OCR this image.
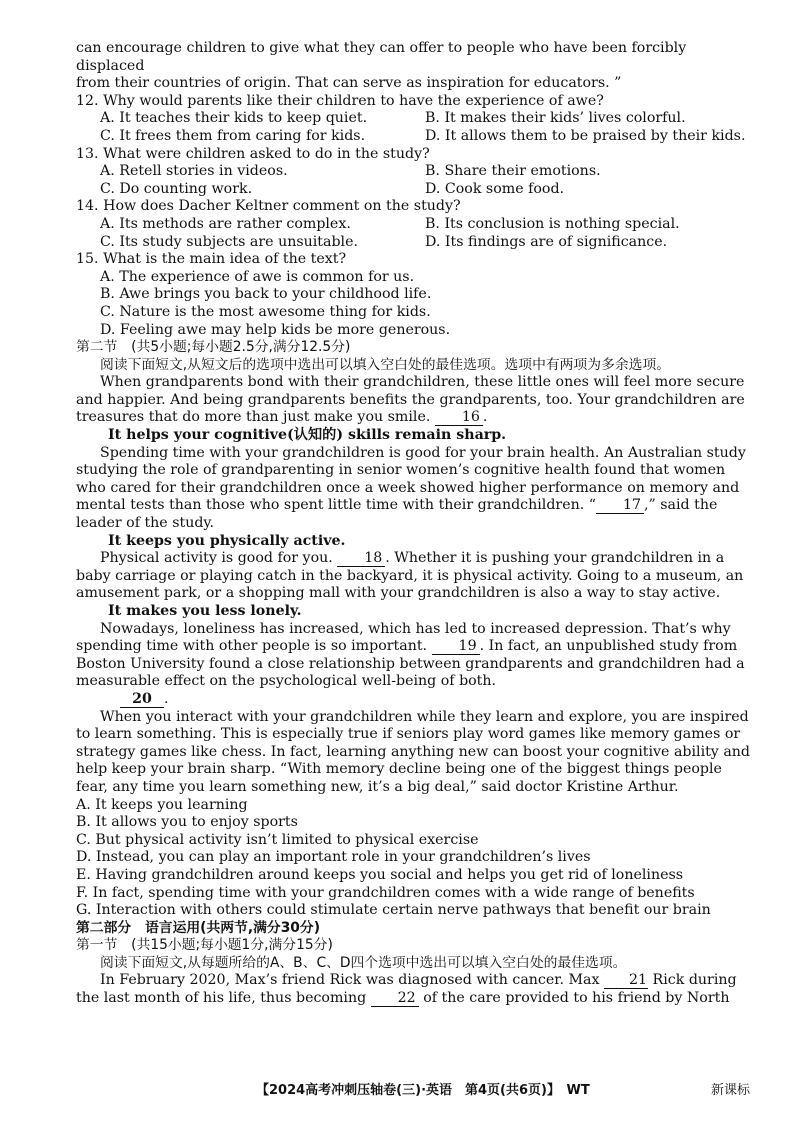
can encourage children to give what they can offer to people who have been forcibly displaced

from their countries of origin. That can serve as inspiration for educators. ”

12. Why would parents like their children to have the experience of awe?

A. It teaches their kids to keep quiet.	B. It makes their kids’ lives colorful.
C. It frees them from caring for kids.	D. It allows them to be praised by their kids.

13. What were children asked to do in the study?

A. Retell stories in videos.	B. Share their emotions.
C. Do counting work.	D. Cook some food.

14. How does Dacher Keltner comment on the study?

A. Its methods are rather complex.	B. Its conclusion is nothing special.
C. Its study subjects are unsuitable.	D. Its findings are of significance.

15. What is the main idea of the text?

A. The experience of awe is common for us.

B. Awe brings you back to your childhood life.

C. Nature is the most awesome thing for kids.

D. Feeling awe may help kids be more generous.

第二节　(共5小题;每小题2.5分,满分12.5分)

阅读下面短文,从短文后的选项中选出可以填入空白处的最佳选项。选项中有两项为多余选项。

When grandparents bond with their grandchildren, these little ones will feel more secure and happier. And being grandparents benefits the grandparents, too. Your grandchildren are treasures that do more than just make you smile. 16 .

It helps your cognitive(认知的) skills remain sharp.

Spending time with your grandchildren is good for your brain health. An Australian study studying the role of grandparenting in senior women’s cognitive health found that women who cared for their grandchildren once a week showed higher performance on memory and mental tests than those who spent little time with their grandchildren. “ 17 ,” said the leader of the study.

It keeps you physically active.

Physical activity is good for you. 18 . Whether it is pushing your grandchildren in a baby carriage or playing catch in the backyard, it is physical activity. Going to a museum, an amusement park, or a shopping mall with your grandchildren is also a way to stay active.

It makes you less lonely.

Nowadays, loneliness has increased, which has led to increased depression. That’s why spending time with other people is so important. 19 . In fact, an unpublished study from Boston University found a close relationship between grandparents and grandchildren had a measurable effect on the psychological well-being of both.

20 .

When you interact with your grandchildren while they learn and explore, you are inspired to learn something. This is especially true if seniors play word games like memory games or strategy games like chess. In fact, learning anything new can boost your cognitive ability and help keep your brain sharp. “With memory decline being one of the biggest things people fear, any time you learn something new, it’s a big deal,” said doctor Kristine Arthur.

A. It keeps you learning

B. It allows you to enjoy sports

C. But physical activity isn’t limited to physical exercise

D. Instead, you can play an important role in your grandchildren’s lives

E. Having grandchildren around keeps you social and helps you get rid of loneliness

F. In fact, spending time with your grandchildren comes with a wide range of benefits

G. Interaction with others could stimulate certain nerve pathways that benefit our brain

第二部分　语言运用(共两节,满分30分)

第一节　(共15小题;每小题1分,满分15分)

阅读下面短文,从每题所给的A、B、C、D四个选项中选出可以填入空白处的最佳选项。

In February 2020, Max’s friend Rick was diagnosed with cancer. Max 21 Rick during the last month of his life, thus becoming 22 of the care provided to his friend by North

【2024高考冲刺压轴卷(三)·英语　第4页(共6页)】　WT	新课标
